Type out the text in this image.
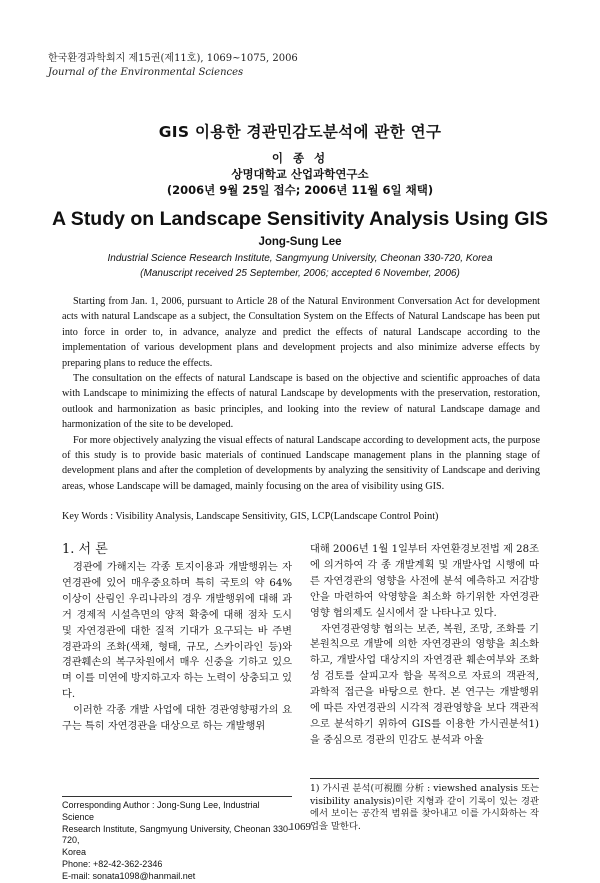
한국환경과학회지 제15권(제11호), 1069~1075, 2006
Journal of the Environmental Sciences
GIS 이용한 경관민감도분석에 관한 연구
이 종 성
상명대학교 산업과학연구소
(2006년 9월 25일 접수; 2006년 11월 6일 채택)
A Study on Landscape Sensitivity Analysis Using GIS
Jong-Sung Lee
Industrial Science Research Institute, Sangmyung University, Cheonan 330-720, Korea
(Manuscript received 25 September, 2006; accepted 6 November, 2006)

Starting from Jan. 1, 2006, pursuant to Article 28 of the Natural Environment Conversation Act for development acts with natural Landscape as a subject, the Consultation System on the Effects of Natural Landscape has been put into force in order to, in advance, analyze and predict the effects of natural Landscape according to the implementation of various development plans and development projects and also minimize adverse effects by preparing plans to reduce the effects.

The consultation on the effects of natural Landscape is based on the objective and scientific approaches of data with Landscape to minimizing the effects of natural Landscape by developments with the preservation, restoration, outlook and harmonization as basic principles, and looking into the review of natural Landscape damage and harmonization of the site to be developed.

For more objectively analyzing the visual effects of natural Landscape according to development acts, the purpose of this study is to provide basic materials of continued Landscape management plans in the planning stage of development plans and after the completion of developments by analyzing the sensitivity of Landscape and deriving areas, whose Landscape will be damaged, mainly focusing on the area of visibility using GIS.

Key Words : Visibility Analysis, Landscape Sensitivity, GIS, LCP(Landscape Control Point)
1. 서 론

경관에 가해지는 각종 토지이용과 개발행위는 자연경관에 있어 매우중요하며 특히 국토의 약 64% 이상이 산림인 우리나라의 경우 개발행위에 대해 과거 경제적 시설측면의 양적 확충에 대해 점차 도시 및 자연경관에 대한 질적 기대가 요구되는 바 주변 경관과의 조화(색채, 형태, 규모, 스카이라인 등)와 경관훼손의 복구차원에서 매우 신중을 기하고 있으며 이를 미연에 방지하고자 하는 노력이 상충되고 있다.

이러한 각종 개발 사업에 대한 경관영향평가의 요구는 특히 자연경관을 대상으로 하는 개발행위

대해 2006년 1월 1일부터 자연환경보전법 제 28조에 의거하여 각 종 개발계획 및 개발사업 시행에 따른 자연경관의 영향을 사전에 분석 예측하고 저감방안을 마련하여 악영향을 최소화 하기위한 자연경관영향 협의제도 실시에서 잘 나타나고 있다.

자연경관영향 협의는 보존, 복원, 조망, 조화를 기본원칙으로 개발에 의한 자연경관의 영향을 최소화하고, 개발사업 대상지의 자연경관 훼손여부와 조화성 검토를 살피고자 함을 목적으로 자료의 객관적, 과학적 접근을 바탕으로 한다. 본 연구는 개발행위에 따른 자연경관의 시각적 경관영향을 보다 객관적으로 분석하기 위하여 GIS를 이용한 가시권분석1)을 중심으로 경관의 민감도 분석과 아울

Corresponding Author : Jong-Sung Lee, Industrial Science
Research Institute, Sangmyung University, Cheonan 330-720,
Korea
Phone: +82-42-362-2346
E-mail: sonata1098@hanmail.net
1) 가시권 분석(可視圈 分析 : viewshed analysis 또는 visibility analysis)이란 지형과 같이 기록이 있는 경관에서 보이는 공간적 범위를 찾아내고 이를 가시화하는 작업을 말한다.
1069
